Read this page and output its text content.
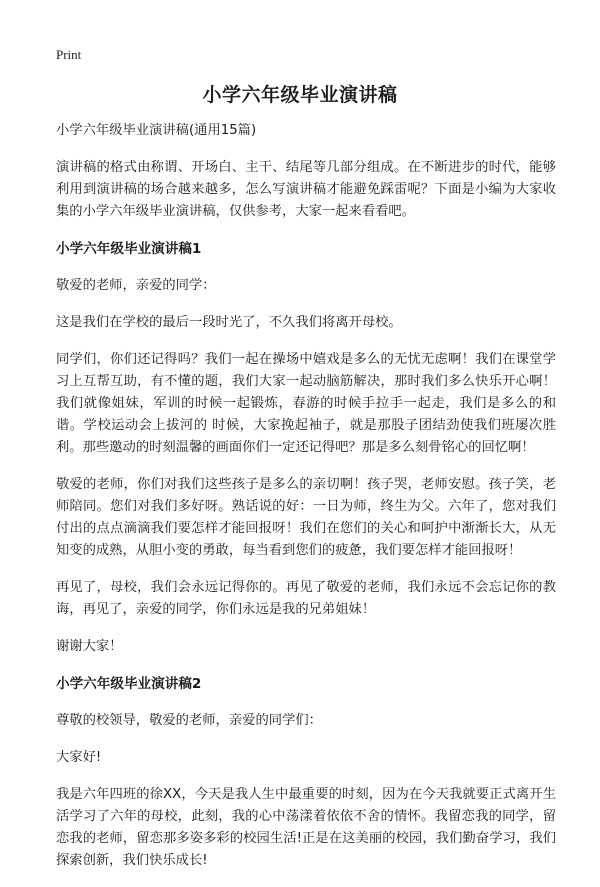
Print
小学六年级毕业演讲稿

小学六年级毕业演讲稿(通用15篇)

演讲稿的格式由称谓、开场白、主干、结尾等几部分组成。在不断进步的时代，能够利用到演讲稿的场合越来越多，怎么写演讲稿才能避免踩雷呢？下面是小编为大家收集的小学六年级毕业演讲稿，仅供参考，大家一起来看看吧。

小学六年级毕业演讲稿1

敬爱的老师，亲爱的同学：

这是我们在学校的最后一段时光了，不久我们将离开母校。

同学们，你们还记得吗？我们一起在操场中嬉戏是多么的无忧无虑啊！我们在课堂学习上互帮互助，有不懂的题，我们大家一起动脑筋解决，那时我们多么快乐开心啊！我们就像姐妹，军训的时候一起锻炼，春游的时候手拉手一起走，我们是多么的和谐。学校运动会上拔河的 时候，大家挽起袖子，就是那股子团结劲使我们班屡次胜利。那些邀动的时刻温馨的画面你们一定还记得吧？那是多么刻骨铭心的回忆啊！

敬爱的老师，你们对我们这些孩子是多么的亲切啊！孩子哭，老师安慰。孩子笑，老师陪同。您们对我们多好呀。熟话说的好：一日为师，终生为父。六年了，您对我们付出的点点滴滴我们要怎样才能回报呀！我们在您们的关心和呵护中渐渐长大，从无知变的成熟，从胆小变的勇敢，每当看到您们的疲惫，我们要怎样才能回报呀！

再见了，母校，我们会永远记得你的。再见了敬爱的老师，我们永远不会忘记你的教诲，再见了，亲爱的同学，你们永远是我的兄弟姐妹！

谢谢大家！

小学六年级毕业演讲稿2

尊敬的校领导，敬爱的老师，亲爱的同学们：

大家好!

我是六年四班的徐XX，今天是我人生中最重要的时刻，因为在今天我就要正式离开生活学习了六年的母校，此刻，我的心中荡漾着依依不舍的情怀。我留恋我的同学，留恋我的老师，留恋那多姿多彩的校园生活!正是在这美丽的校园，我们勤奋学习，我们探索创新，我们快乐成长!
